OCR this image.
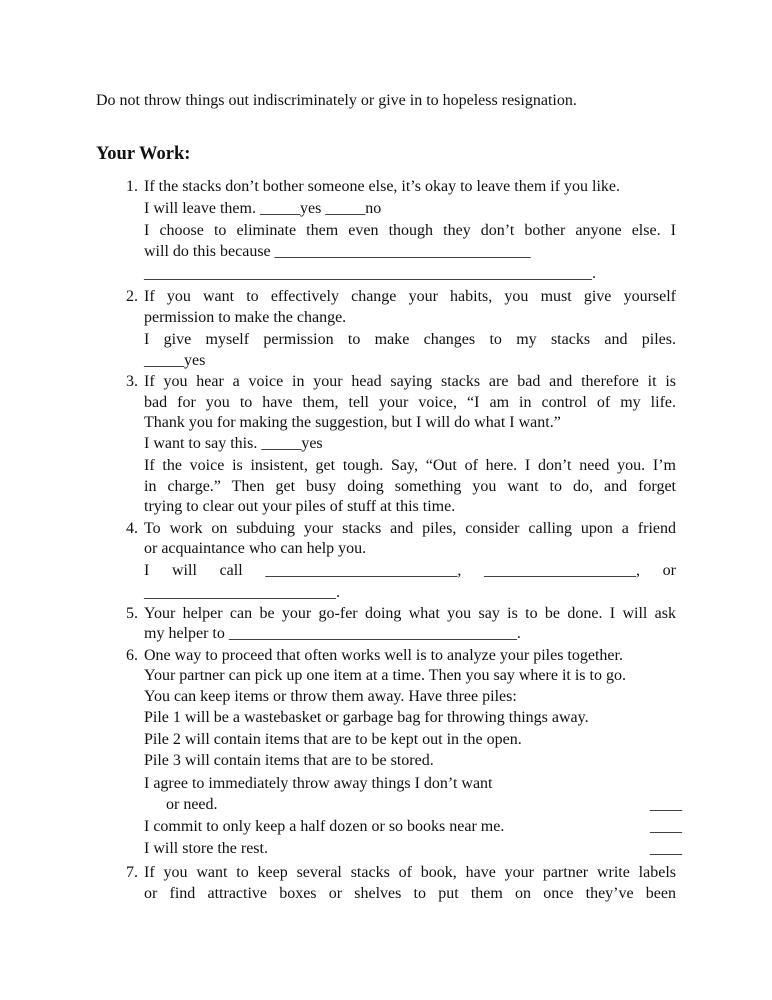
Do not throw things out indiscriminately or give in to hopeless resignation.
Your Work:
1. If the stacks don’t bother someone else, it’s okay to leave them if you like.
I will leave them. _____yes _____no
I choose to eliminate them even though they don’t bother anyone else. I
will do this because ________________________________
________________________________________________________.
2. If you want to effectively change your habits, you must give yourself
permission to make the change.
I give myself permission to make changes to my stacks and piles.
_____yes
3. If you hear a voice in your head saying stacks are bad and therefore it is
bad for you to have them, tell your voice, “I am in control of my life.
Thank you for making the suggestion, but I will do what I want.”
I want to say this. _____yes
If the voice is insistent, get tough. Say, “Out of here. I don’t need you. I’m
in charge.” Then get busy doing something you want to do, and forget
trying to clear out your piles of stuff at this time.
4. To work on subduing your stacks and piles, consider calling upon a friend
or acquaintance who can help you.
I will call ________________________, ___________________, or
________________________.
5. Your helper can be your go-fer doing what you say is to be done. I will ask
my helper to ____________________________________.
6. One way to proceed that often works well is to analyze your piles together.
Your partner can pick up one item at a time. Then you say where it is to go.
You can keep items or throw them away. Have three piles:
Pile 1 will be a wastebasket or garbage bag for throwing things away.
Pile 2 will contain items that are to be kept out in the open.
Pile 3 will contain items that are to be stored.
I agree to immediately throw away things I don’t want
or need.	____
I commit to only keep a half dozen or so books near me.	____
I will store the rest.	____
7. If you want to keep several stacks of book, have your partner write labels
or find attractive boxes or shelves to put them on once they’ve been
